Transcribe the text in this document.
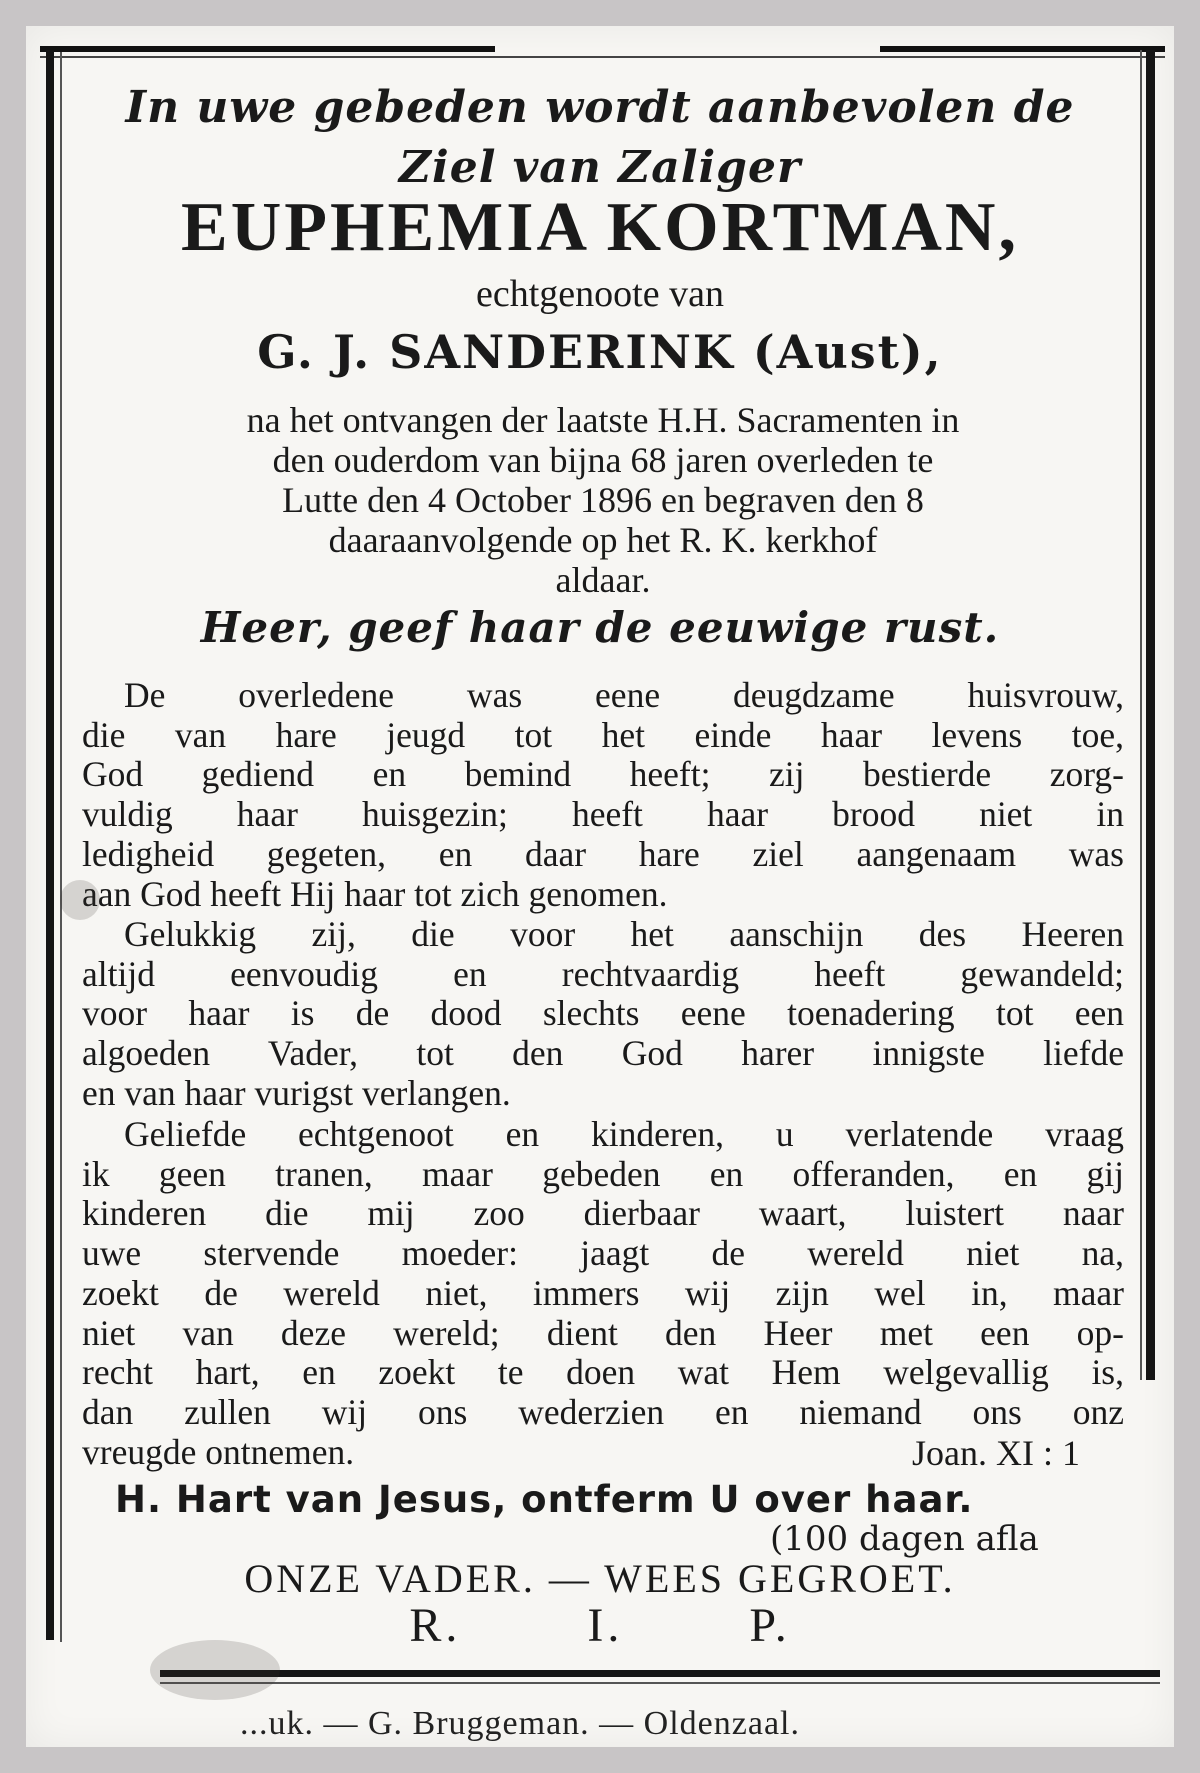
In uwe gebeden wordt aanbevolen de
Ziel van Zaliger
EUPHEMIA KORTMAN,
echtgenoote van
G. J. SANDERINK (Aust),
na het ontvangen der laatste H.H. Sacramenten in
den ouderdom van bijna 68 jaren overleden te
Lutte den 4 October 1896 en begraven den 8
daaraanvolgende op het R. K. kerkhof
aldaar.
Heer, geef haar de eeuwige rust.
De overledene was eene deugdzame huisvrouw,
die van hare jeugd tot het einde haar levens toe,
God gediend en bemind heeft; zij bestierde zorg-
vuldig haar huisgezin; heeft haar brood niet in
ledigheid gegeten, en daar hare ziel aangenaam was
aan God heeft Hij haar tot zich genomen.
Gelukkig zij, die voor het aanschijn des Heeren
altijd eenvoudig en rechtvaardig heeft gewandeld;
voor haar is de dood slechts eene toenadering tot een
algoeden Vader, tot den God harer innigste liefde
en van haar vurigst verlangen.
Geliefde echtgenoot en kinderen, u verlatende vraag
ik geen tranen, maar gebeden en offeranden, en gij
kinderen die mij zoo dierbaar waart, luistert naar
uwe stervende moeder: jaagt de wereld niet na,
zoekt de wereld niet, immers wij zijn wel in, maar
niet van deze wereld; dient den Heer met een op-
recht hart, en zoekt te doen wat Hem welgevallig is,
dan zullen wij ons wederzien en niemand ons onz
vreugde ontnemen.	Joan. XI : 1
H. Hart van Jesus, ontferm U over haar.
(100 dagen afla
ONZE VADER. — WEES GEGROET.
R. I. P.
...uk. — G. Bruggeman. — Oldenzaal.
